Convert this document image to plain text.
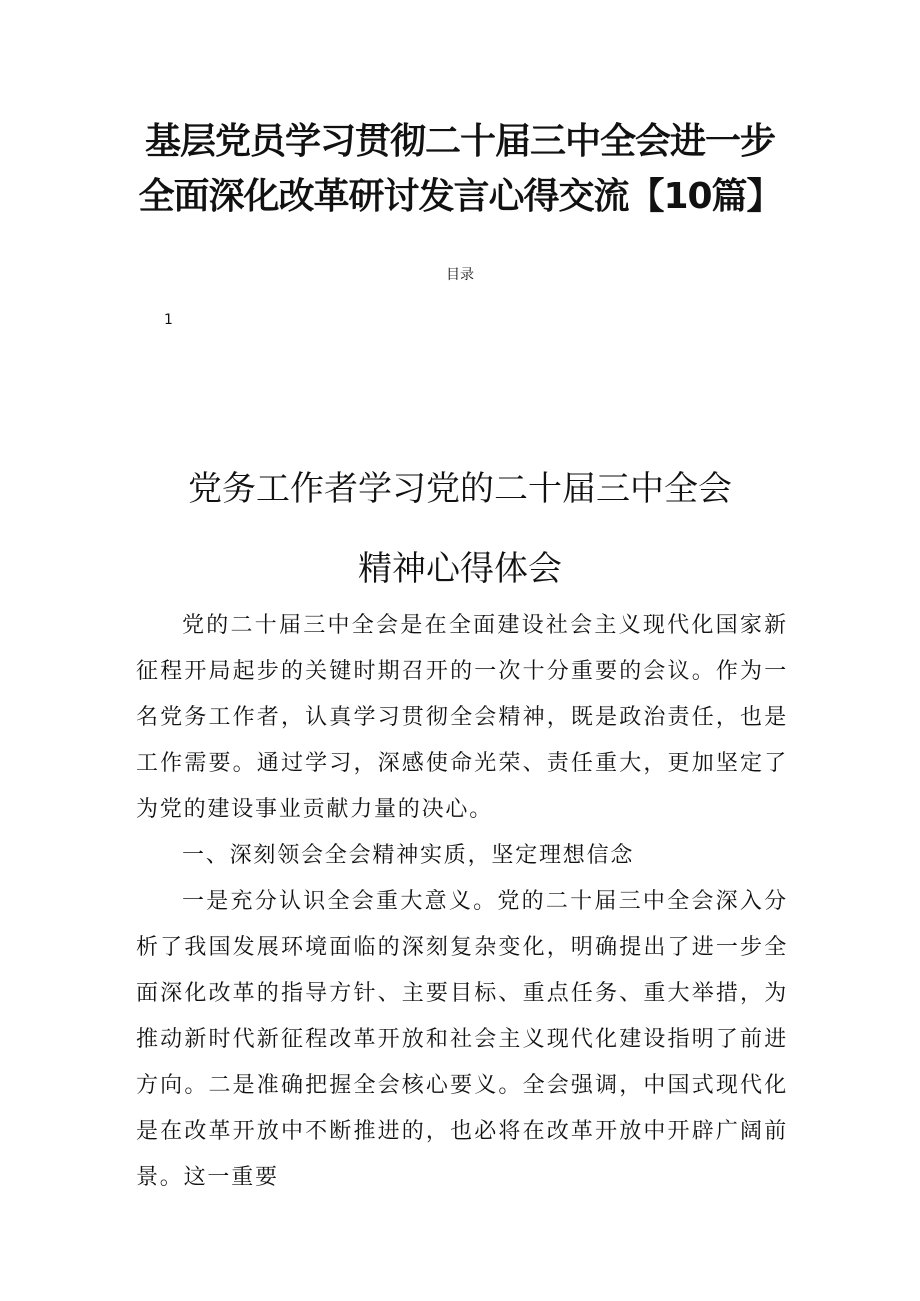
基层党员学习贯彻二十届三中全会进一步
全面深化改革研讨发言心得交流【10篇】
目录
1
党务工作者学习党的二十届三中全会
精神心得体会

党的二十届三中全会是在全面建设社会主义现代化国家新征程开局起步的关键时期召开的一次十分重要的会议。作为一名党务工作者，认真学习贯彻全会精神，既是政治责任，也是工作需要。通过学习，深感使命光荣、责任重大，更加坚定了为党的建设事业贡献力量的决心。

一、深刻领会全会精神实质，坚定理想信念

一是充分认识全会重大意义。党的二十届三中全会深入分析了我国发展环境面临的深刻复杂变化，明确提出了进一步全面深化改革的指导方针、主要目标、重点任务、重大举措，为推动新时代新征程改革开放和社会主义现代化建设指明了前进方向。二是准确把握全会核心要义。全会强调，中国式现代化是在改革开放中不断推进的，也必将在改革开放中开辟广阔前景。这一重要
